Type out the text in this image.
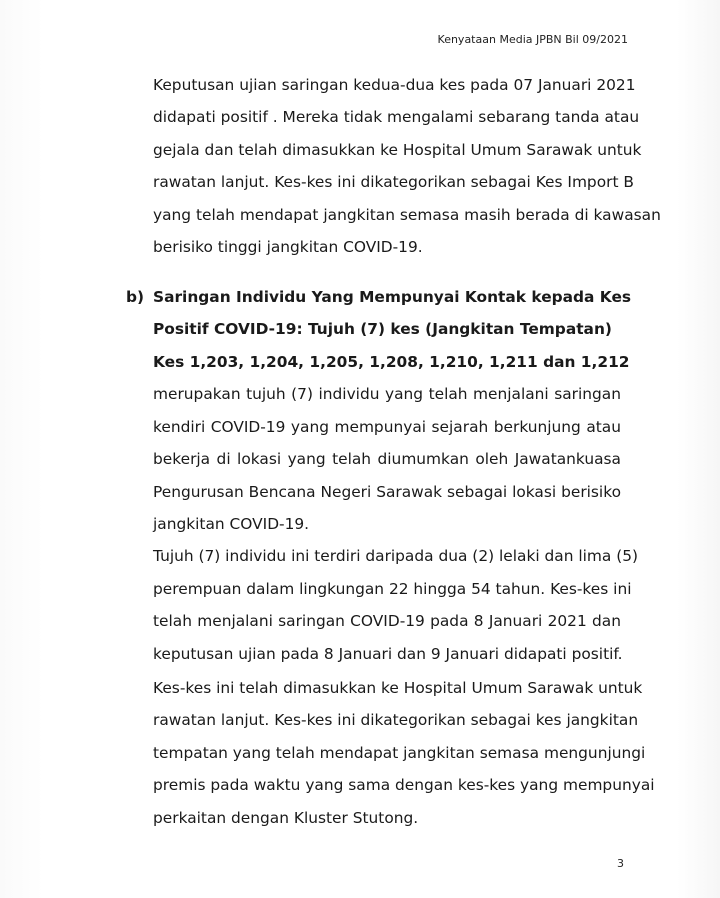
Kenyataan Media JPBN Bil 09/2021
Keputusan ujian saringan kedua-dua kes pada 07 Januari 2021
didapati positif . Mereka tidak mengalami sebarang tanda atau
gejala dan telah dimasukkan ke Hospital Umum Sarawak untuk
rawatan lanjut. Kes-kes ini dikategorikan sebagai Kes Import B
yang telah mendapat jangkitan semasa masih berada di kawasan
berisiko tinggi jangkitan COVID-19.
b) Saringan Individu Yang Mempunyai Kontak kepada Kes
Positif COVID-19: Tujuh (7) kes (Jangkitan Tempatan)
Kes 1,203, 1,204, 1,205, 1,208, 1,210, 1,211 dan 1,212
merupakan tujuh (7) individu yang telah menjalani saringan
kendiri COVID-19 yang mempunyai sejarah berkunjung atau
bekerja di lokasi yang telah diumumkan oleh Jawatankuasa
Pengurusan Bencana Negeri Sarawak sebagai lokasi berisiko
jangkitan COVID-19.
Tujuh (7) individu ini terdiri daripada dua (2) lelaki dan lima (5)
perempuan dalam lingkungan 22 hingga 54 tahun. Kes-kes ini
telah menjalani saringan COVID-19 pada 8 Januari 2021 dan
keputusan ujian pada 8 Januari dan 9 Januari didapati positif.
Kes-kes ini telah dimasukkan ke Hospital Umum Sarawak untuk
rawatan lanjut. Kes-kes ini dikategorikan sebagai kes jangkitan
tempatan yang telah mendapat jangkitan semasa mengunjungi
premis pada waktu yang sama dengan kes-kes yang mempunyai
perkaitan dengan Kluster Stutong.
3
